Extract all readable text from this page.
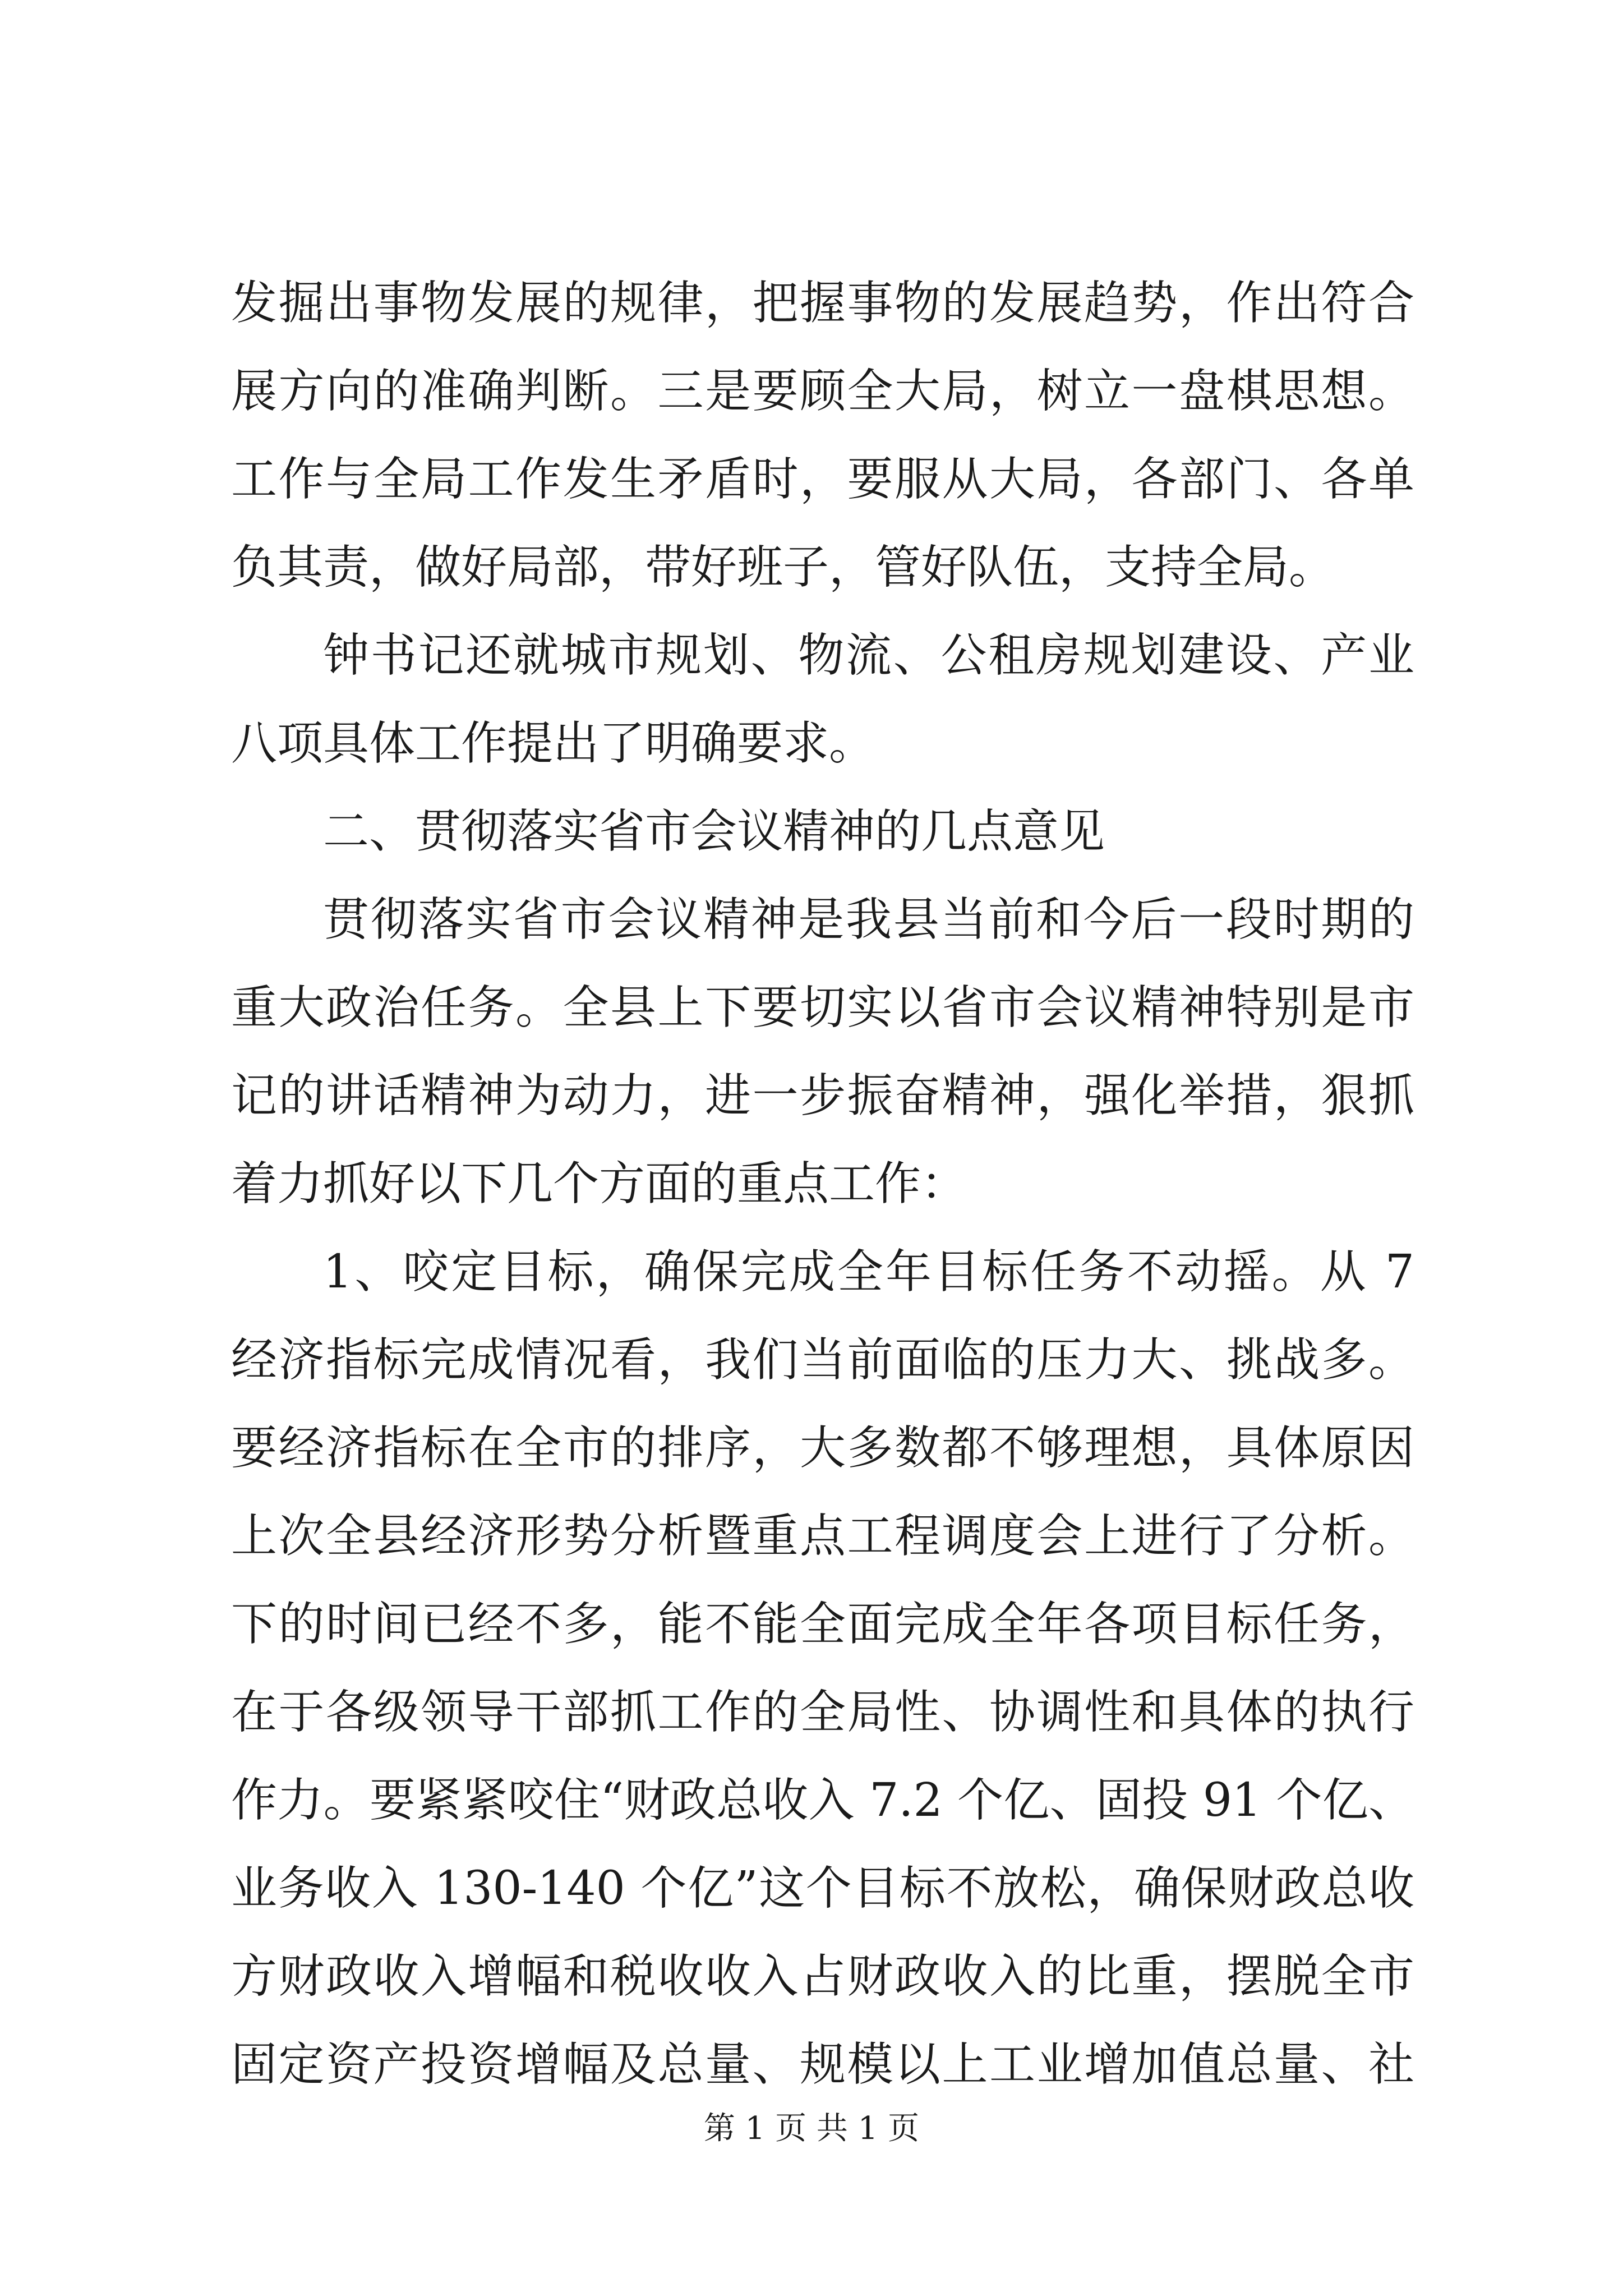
发掘出事物发展的规律，把握事物的发展趋势，作出符合
展方向的准确判断。三是要顾全大局，树立一盘棋思想。
工作与全局工作发生矛盾时，要服从大局，各部门、各单
负其责，做好局部，带好班子，管好队伍，支持全局。
钟书记还就城市规划、物流、公租房规划建设、产业
八项具体工作提出了明确要求。
二、贯彻落实省市会议精神的几点意见
贯彻落实省市会议精神是我县当前和今后一段时期的
重大政治任务。全县上下要切实以省市会议精神特别是市
记的讲话精神为动力，进一步振奋精神，强化举措，狠抓
着力抓好以下几个方面的重点工作：
1、咬定目标，确保完成全年目标任务不动摇。从 7
经济指标完成情况看，我们当前面临的压力大、挑战多。
要经济指标在全市的排序，大多数都不够理想，具体原因
上次全县经济形势分析暨重点工程调度会上进行了分析。
下的时间已经不多，能不能全面完成全年各项目标任务，
在于各级领导干部抓工作的全局性、协调性和具体的执行
作力。要紧紧咬住“财政总收入 7.2 个亿、固投 91 个亿、
业务收入 130-140 个亿”这个目标不放松，确保财政总收
方财政收入增幅和税收收入占财政收入的比重，摆脱全市
固定资产投资增幅及总量、规模以上工业增加值总量、社
第 1 页 共 1 页
